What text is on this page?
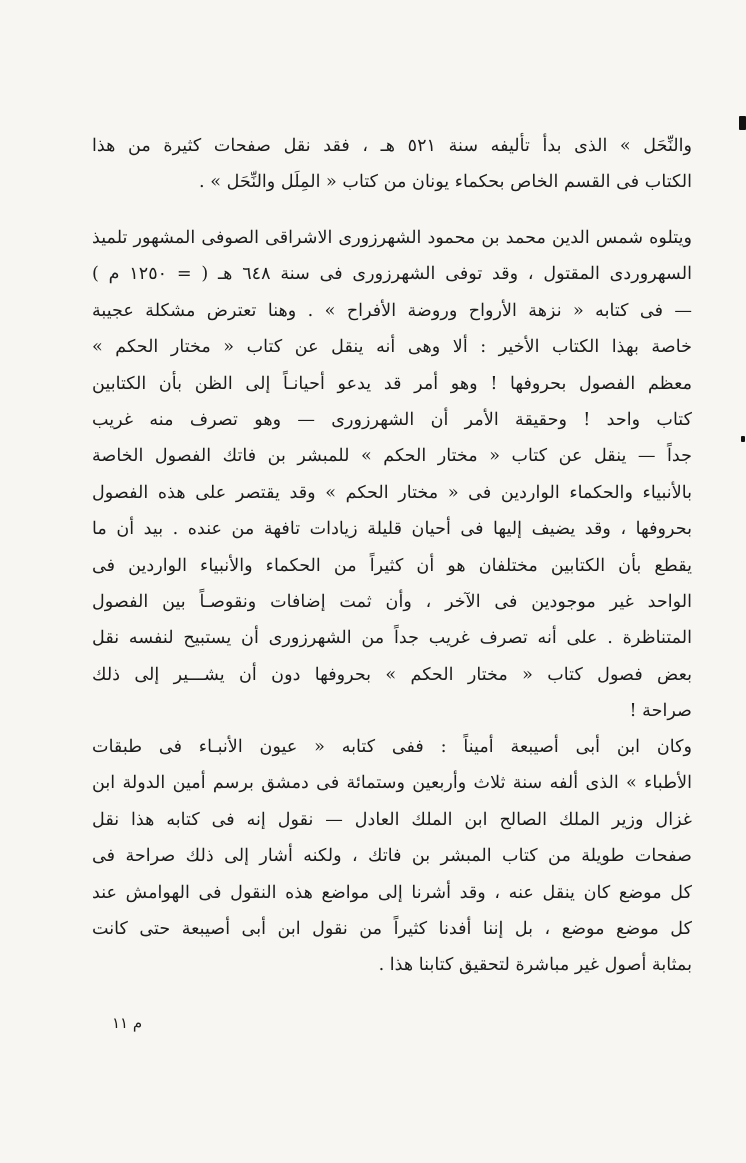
والنِّحَل » الذى بدأ تأليفه سنة ٥٢١ هـ ، فقد نقل صفحات كثيرة من هذا
الكتاب فى القسم الخاص بحكماء يونان من كتاب « المِلَل والنِّحَل » .
ويتلوه شمس الدين محمد بن محمود الشهرزورى الاشراقى الصوفى المشهور تلميذ
السهروردى المقتول ، وقد توفى الشهرزورى فى سنة ٦٤٨ هـ ( = ١٢٥٠ م )
— فى كتابه « نزهة الأرواح وروضة الأفراح » . وهنا تعترض مشكلة عجيبة
خاصة بهذا الكتاب الأخير : ألا وهى أنه ينقل عن كتاب « مختار الحكم »
معظم الفصول بحروفها ! وهو أمر قد يدعو أحيانـاً إلى الظن بأن الكتابين
كتاب واحد ! وحقيقة الأمر أن الشهرزورى — وهو تصرف منه غريب
جداً — ينقل عن كتاب « مختار الحكم » للمبشر بن فاتك الفصول الخاصة
بالأنبياء والحكماء الواردين فى « مختار الحكم » وقد يقتصر على هذه الفصول
بحروفها ، وقد يضيف إليها فى أحيان قليلة زيادات تافهة من عنده . بيد أن ما
يقطع بأن الكتابين مختلفان هو أن كثيراً من الحكماء والأنبياء الواردين فى
الواحد غير موجودين فى الآخر ، وأن ثمت إضافات ونقوصـاً بين الفصول
المتناظرة . على أنه تصرف غريب جداً من الشهرزورى أن يستبيح لنفسه نقل
بعض فصول كتاب « مختار الحكم » بحروفها دون أن يشـــير إلى ذلك
صراحة !
وكان ابن أبى أصيبعة أميناً : ففى كتابه « عيون الأنبـاء فى طبقات
الأطباء » الذى ألفه سنة ثلاث وأربعين وستمائة فى دمشق برسم أمين الدولة ابن
غزال وزير الملك الصالح ابن الملك العادل — نقول إنه فى كتابه هذا نقل
صفحات طويلة من كتاب المبشر بن فاتك ، ولكنه أشار إلى ذلك صراحة فى
كل موضع كان ينقل عنه ، وقد أشرنا إلى مواضع هذه النقول فى الهوامش عند
كل موضع موضع ، بل إننا أفدنا كثيراً من نقول ابن أبى أصيبعة حتى كانت
بمثابة أصول غير مباشرة لتحقيق كتابنا هذا .
م ١١
